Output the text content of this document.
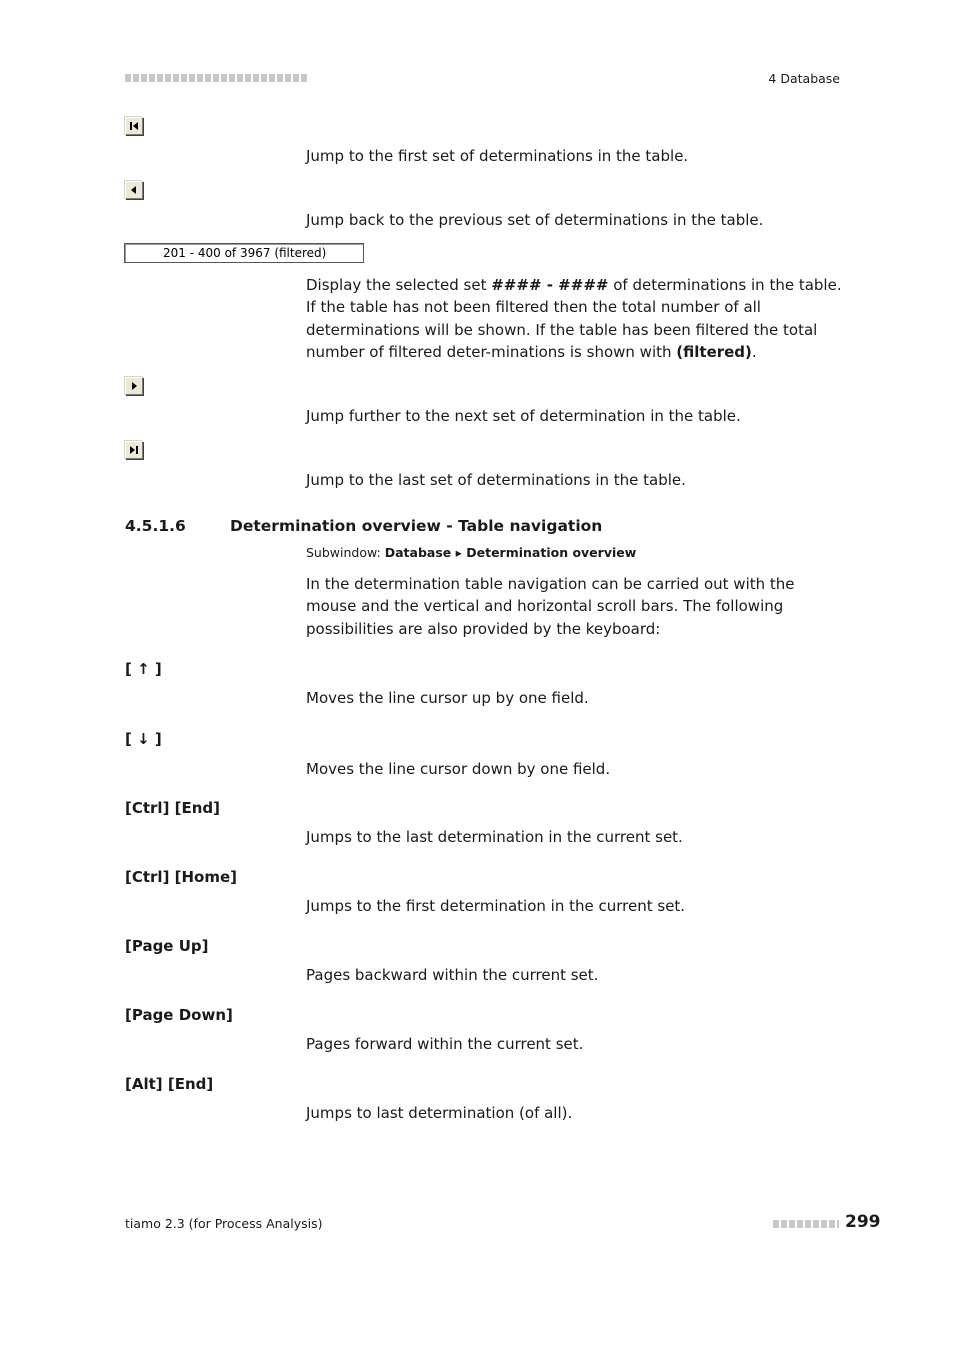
4 Database
Jump to the first set of determinations in the table.
Jump back to the previous set of determinations in the table.
201 - 400 of 3967 (filtered)
Display the selected set #### - #### of determinations in the table. If the table has not been filtered then the total number of all determinations will be shown. If the table has been filtered the total number of filtered deter-minations is shown with (filtered).
Jump further to the next set of determination in the table.
Jump to the last set of determinations in the table.
4.5.1.6	Determination overview - Table navigation
Subwindow: Database ▸ Determination overview
In the determination table navigation can be carried out with the mouse and the vertical and horizontal scroll bars. The following possibilities are also provided by the keyboard:
[ ↑ ]
Moves the line cursor up by one field.
[ ↓ ]
Moves the line cursor down by one field.
[Ctrl] [End]
Jumps to the last determination in the current set.
[Ctrl] [Home]
Jumps to the first determination in the current set.
[Page Up]
Pages backward within the current set.
[Page Down]
Pages forward within the current set.
[Alt] [End]
Jumps to last determination (of all).
tiamo 2.3 (for Process Analysis)	299
